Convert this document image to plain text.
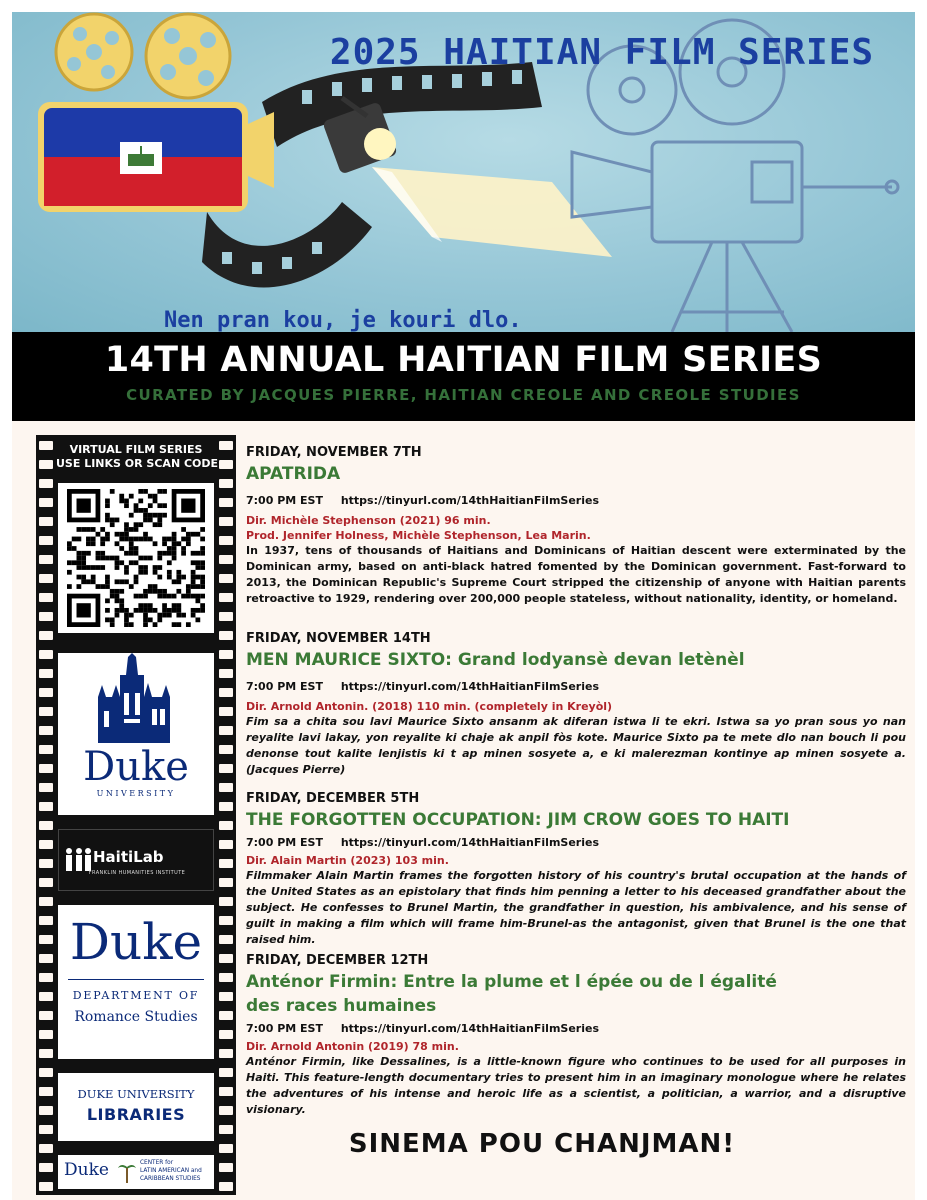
2025 HAITIAN FILM SERIES
Nen pran kou, je kouri dlo.
14TH ANNUAL HAITIAN FILM SERIES
CURATED BY JACQUES PIERRE, HAITIAN CREOLE AND CREOLE STUDIES
VIRTUAL FILM SERIES
USE LINKS OR SCAN CODE
Duke
UNIVERSITY
HaitiLab
FRANKLIN HUMANITIES INSTITUTE
Duke
DEPARTMENT OF
Romance Studies
DUKE UNIVERSITY
LIBRARIES
Duke	CENTER for
LATIN AMERICAN and
CARIBBEAN STUDIES
FRIDAY, NOVEMBER 7TH
APATRIDA
7:00 PM EST https://tinyurl.com/14thHaitianFilmSeries
Dir. Michèle Stephenson (2021) 96 min.
Prod. Jennifer Holness, Michèle Stephenson, Lea Marin.
In 1937, tens of thousands of Haitians and Dominicans of Haitian descent were exterminated by the Dominican army, based on anti-black hatred fomented by the Dominican government. Fast-forward to 2013, the Dominican Republic's Supreme Court stripped the citizenship of anyone with Haitian parents retroactive to 1929, rendering over 200,000 people stateless, without nationality, identity, or homeland.
FRIDAY, NOVEMBER 14TH
MEN MAURICE SIXTO: Grand lodyansè devan letènèl
7:00 PM EST https://tinyurl.com/14thHaitianFilmSeries
Dir. Arnold Antonin. (2018) 110 min. (completely in Kreyòl)
Fim sa a chita sou lavi Maurice Sixto ansanm ak diferan istwa li te ekri. Istwa sa yo pran sous yo nan reyalite lavi lakay, yon reyalite ki chaje ak anpil fòs kote. Maurice Sixto pa te mete dlo nan bouch li pou denonse tout kalite lenjistis ki t ap minen sosyete a, e ki malerezman kontinye ap minen sosyete a. (Jacques Pierre)
FRIDAY, DECEMBER 5TH
THE FORGOTTEN OCCUPATION: JIM CROW GOES TO HAITI
7:00 PM EST https://tinyurl.com/14thHaitianFilmSeries
Dir. Alain Martin (2023) 103 min.
Filmmaker Alain Martin frames the forgotten history of his country's brutal occupation at the hands of the United States as an epistolary that finds him penning a letter to his deceased grandfather about the subject. He confesses to Brunel Martin, the grandfather in question, his ambivalence, and his sense of guilt in making a film which will frame him-Brunel-as the antagonist, given that Brunel is the one that raised him.
FRIDAY, DECEMBER 12TH
Anténor Firmin: Entre la plume et l épée ou de l égalité
des races humaines
7:00 PM EST https://tinyurl.com/14thHaitianFilmSeries
Dir. Arnold Antonin (2019) 78 min.
Anténor Firmin, like Dessalines, is a little-known figure who continues to be used for all purposes in Haiti. This feature-length documentary tries to present him in an imaginary monologue where he relates the adventures of his intense and heroic life as a scientist, a politician, a warrior, and a disruptive visionary.
SINEMA POU CHANJMAN!
